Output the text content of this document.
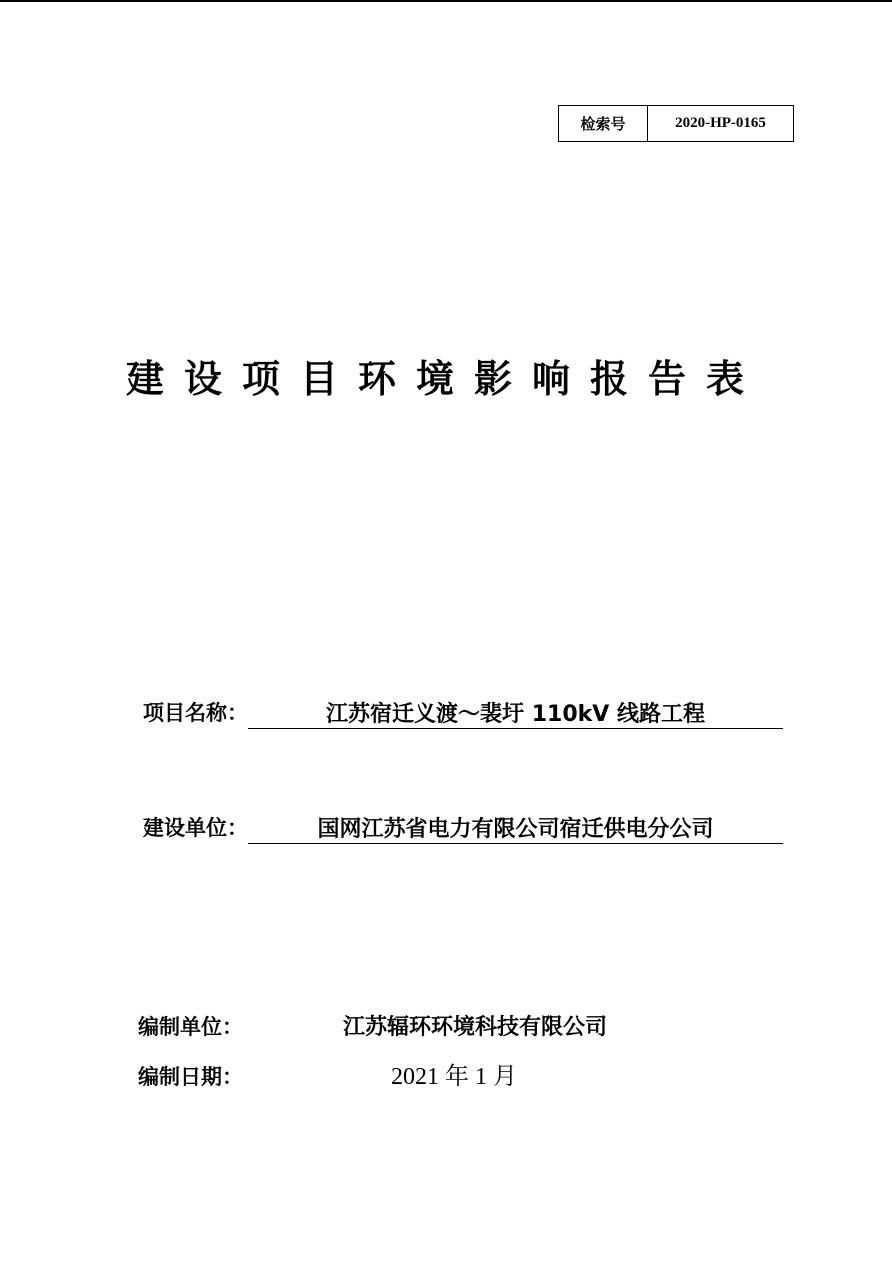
检索号	2020-HP-0165
建设项目环境影响报告表
项目名称：	江苏宿迁义渡～裴圩 110kV 线路工程
建设单位：	国网江苏省电力有限公司宿迁供电分公司
编制单位：	江苏辐环环境科技有限公司
编制日期：	2021 年 1 月
